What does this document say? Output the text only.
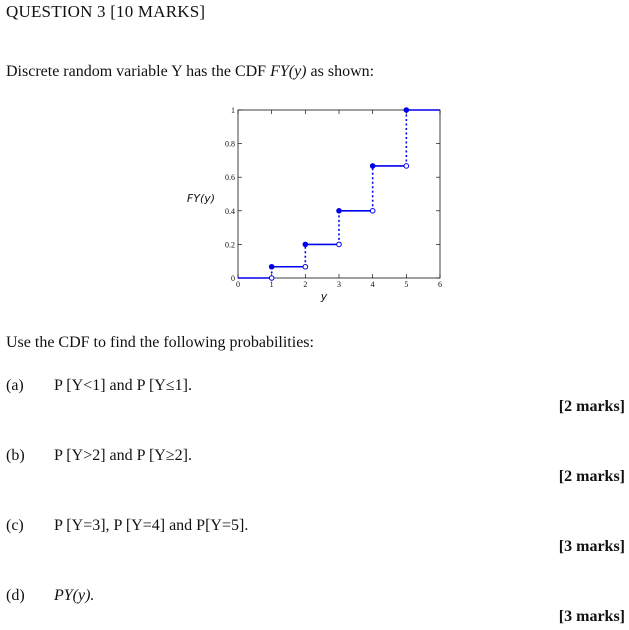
QUESTION 3 [10 MARKS]
Discrete random variable Y has the CDF FY(y) as shown:
0	1	2	3	4	5	6
0
0.2
0.4
0.6
0.8
1
y
FY(y)
Use the CDF to find the following probabilities:
(a) P [Y<1] and P [Y≤1].
[2 marks]
(b) P [Y>2] and P [Y≥2].
[2 marks]
(c) P [Y=3], P [Y=4] and P[Y=5].
[3 marks]
(d) PY(y).
[3 marks]
